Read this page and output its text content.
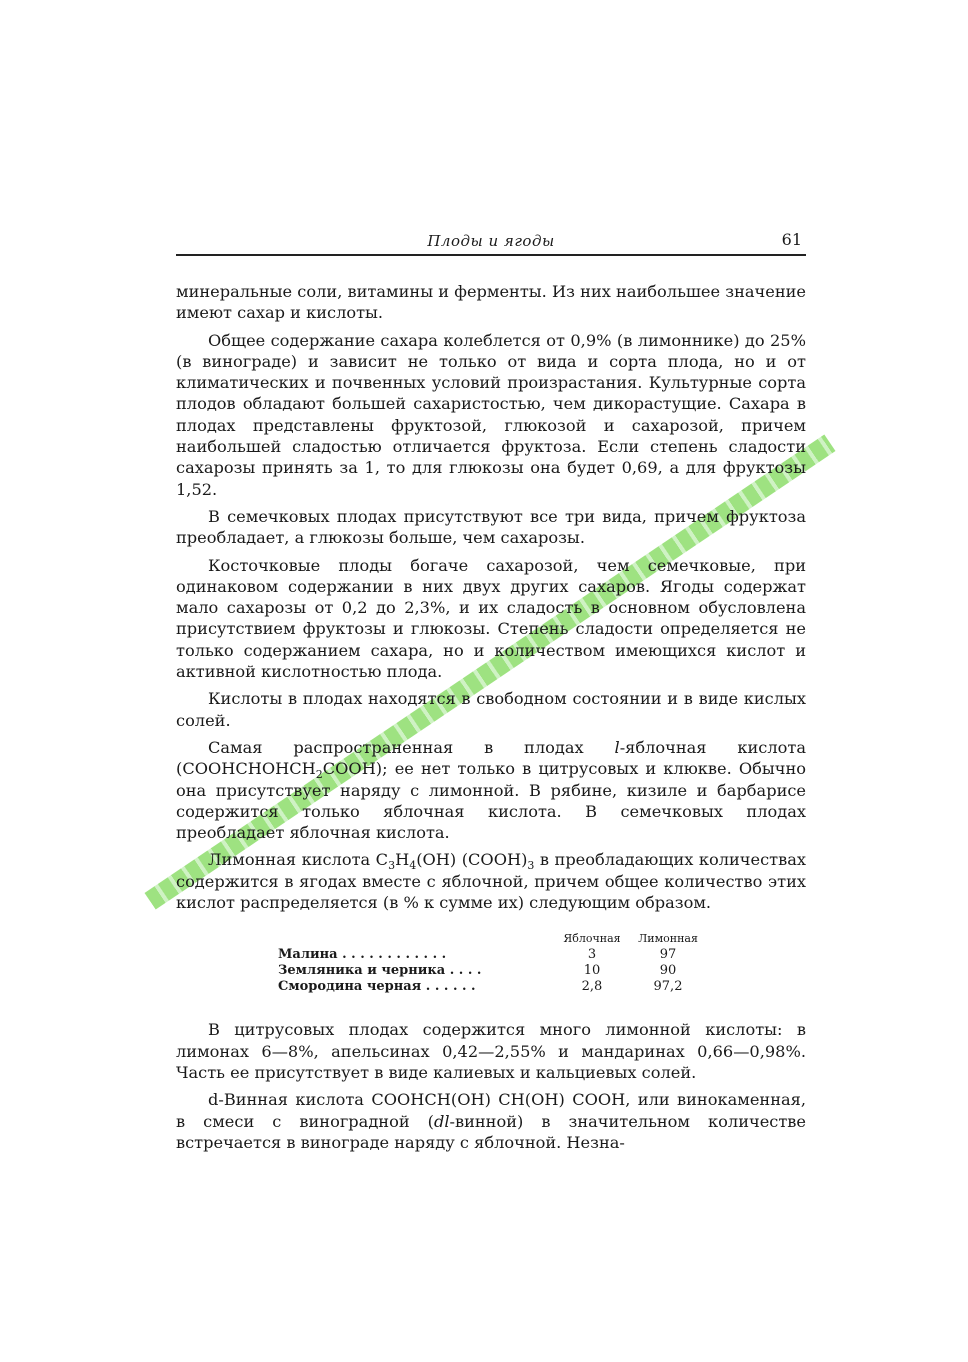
Плоды и ягоды	61

минеральные соли, витамины и ферменты. Из них наибольшее значение имеют сахар и кислоты.

Общее содержание сахара колеблется от 0,9% (в лимоннике) до 25% (в винограде) и зависит не только от вида и сорта плода, но и от климатических и почвенных условий произрастания. Культурные сорта плодов обладают большей сахаристостью, чем дикорастущие. Сахара в плодах представлены фруктозой, глюкозой и сахарозой, причем наибольшей сладостью отличается фруктоза. Если степень сладости сахарозы принять за 1, то для глюкозы она будет 0,69, а для фруктозы 1,52.

В семечковых плодах присутствуют все три вида, причем фруктоза преобладает, а глюкозы больше, чем сахарозы.

Косточковые плоды богаче сахарозой, чем семечковые, при одинаковом содержании в них двух других сахаров. Ягоды содержат мало сахарозы от 0,2 до 2,3%, и их сладость в основном обусловлена присутствием фруктозы и глюкозы. Степень сладости определяется не только содержанием сахара, но и количеством имеющихся кислот и активной кислотностью плода.

Кислоты в плодах находятся в свободном состоянии и в виде кислых солей.

Самая распространенная в плодах l-яблочная кислота $(COOHCHOHCH_2COOH)$; ее нет только в цитрусовых и клюкве. Обычно она присутствует наряду с лимонной. В рябине, кизиле и барбарисе содержится только яблочная кислота. В семечковых плодах преобладает яблочная кислота.

Лимонная кислота $C_3H_4(OH)$ $(COOH)_3$ в преобладающих количествах содержится в ягодах вместе с яблочной, причем общее количество этих кислот распределяется (в % к сумме их) следующим образом.

	Яблочная	Лимонная
Малина . . . . . . . . . . . .	3	97
Земляника и черника . . . .	10	90
Смородина черная . . . . . .	2,8	97,2

В цитрусовых плодах содержится много лимонной кислоты: в лимонах 6—8%, апельсинах 0,42—2,55% и мандаринах 0,66—0,98%. Часть ее присутствует в виде калиевых и кальциевых солей.

d-Винная кислота COOHCH(OH) CH(OH) COOH, или винокаменная, в смеси с виноградной (dl-винной) в значительном количестве встречается в винограде наряду с яблочной. Незна-
